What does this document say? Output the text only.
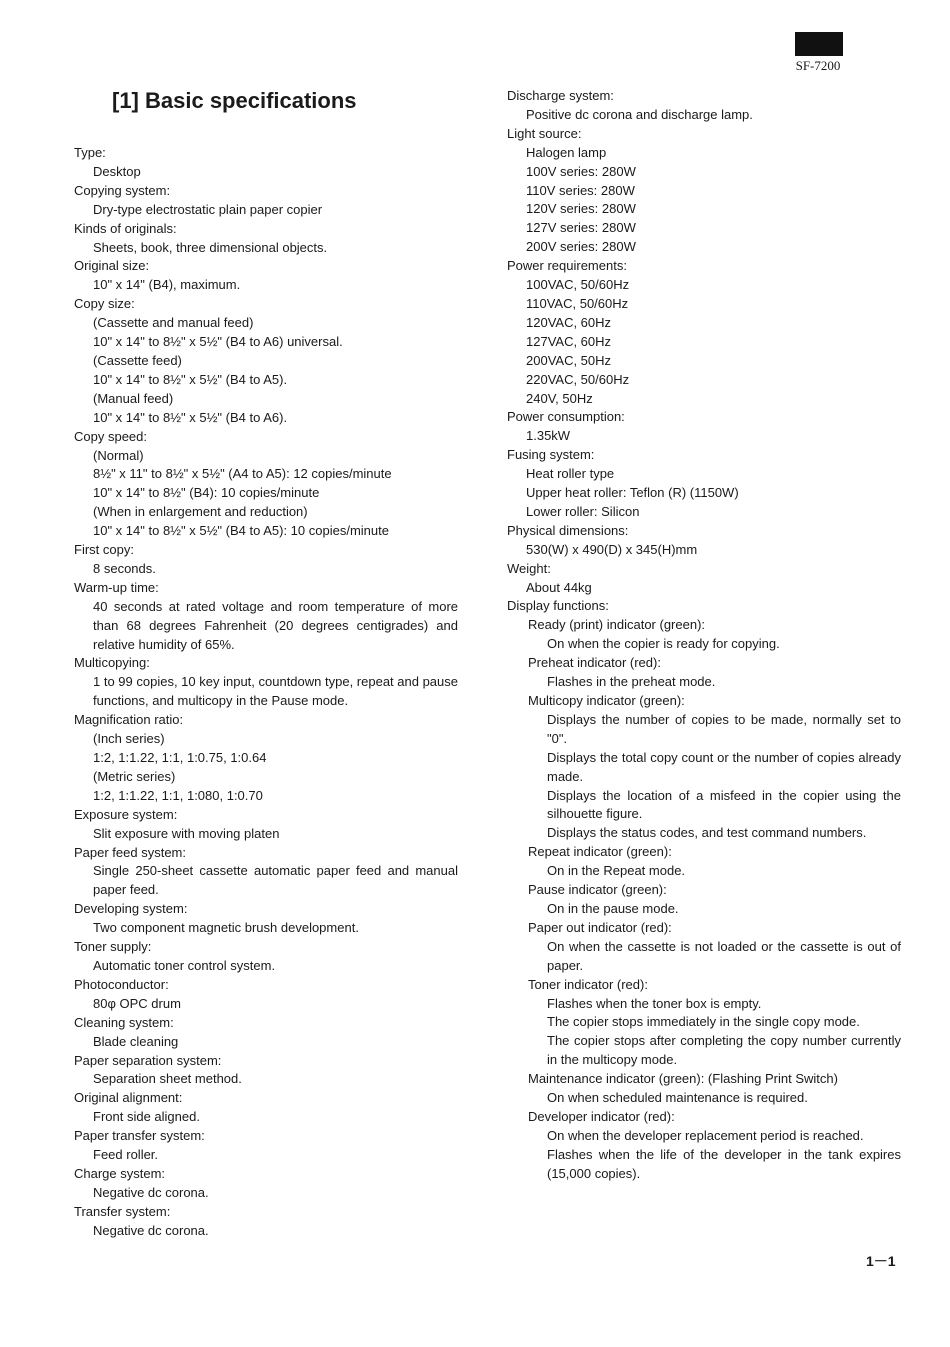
SF-7200
[1] Basic specifications
Type:
Desktop
Copying system:
Dry-type electrostatic plain paper copier
Kinds of originals:
Sheets, book, three dimensional objects.
Original size:
10" x 14" (B4), maximum.
Copy size:
(Cassette and manual feed)
10" x 14" to 8½" x 5½" (B4 to A6) universal.
(Cassette feed)
10" x 14" to 8½" x 5½" (B4 to A5).
(Manual feed)
10" x 14" to 8½" x 5½" (B4 to A6).
Copy speed:
(Normal)
8½" x 11" to 8½" x 5½" (A4 to A5): 12 copies/minute
10" x 14" to 8½" (B4): 10 copies/minute
(When in enlargement and reduction)
10" x 14" to 8½" x 5½" (B4 to A5): 10 copies/minute
First copy:
8 seconds.
Warm-up time:
40 seconds at rated voltage and room temperature of more than 68 degrees Fahrenheit (20 degrees centigrades) and relative humidity of 65%.
Multicopying:
1 to 99 copies, 10 key input, countdown type, repeat and pause functions, and multicopy in the Pause mode.
Magnification ratio:
(Inch series)
1:2, 1:1.22, 1:1, 1:0.75, 1:0.64
(Metric series)
1:2, 1:1.22, 1:1, 1:080, 1:0.70
Exposure system:
Slit exposure with moving platen
Paper feed system:
Single 250-sheet cassette automatic paper feed and manual paper feed.
Developing system:
Two component magnetic brush development.
Toner supply:
Automatic toner control system.
Photoconductor:
80φ OPC drum
Cleaning system:
Blade cleaning
Paper separation system:
Separation sheet method.
Original alignment:
Front side aligned.
Paper transfer system:
Feed roller.
Charge system:
Negative dc corona.
Transfer system:
Negative dc corona.
Discharge system:
Positive dc corona and discharge lamp.
Light source:
Halogen lamp
100V series: 280W
110V series: 280W
120V series: 280W
127V series: 280W
200V series: 280W
Power requirements:
100VAC, 50/60Hz
110VAC, 50/60Hz
120VAC, 60Hz
127VAC, 60Hz
200VAC, 50Hz
220VAC, 50/60Hz
240V, 50Hz
Power consumption:
1.35kW
Fusing system:
Heat roller type
Upper heat roller: Teflon (R) (1150W)
Lower roller: Silicon
Physical dimensions:
530(W) x 490(D) x 345(H)mm
Weight:
About 44kg
Display functions:
Ready (print) indicator (green):
On when the copier is ready for copying.
Preheat indicator (red):
Flashes in the preheat mode.
Multicopy indicator (green):
Displays the number of copies to be made, normally set to "0".
Displays the total copy count or the number of copies already made.
Displays the location of a misfeed in the copier using the silhouette figure.
Displays the status codes, and test command numbers.
Repeat indicator (green):
On in the Repeat mode.
Pause indicator (green):
On in the pause mode.
Paper out indicator (red):
On when the cassette is not loaded or the cassette is out of paper.
Toner indicator (red):
Flashes when the toner box is empty.
The copier stops immediately in the single copy mode.
The copier stops after completing the copy number currently in the multicopy mode.
Maintenance indicator (green): (Flashing Print Switch)
On when scheduled maintenance is required.
Developer indicator (red):
On when the developer replacement period is reached.
Flashes when the life of the developer in the tank expires (15,000 copies).
1－1
